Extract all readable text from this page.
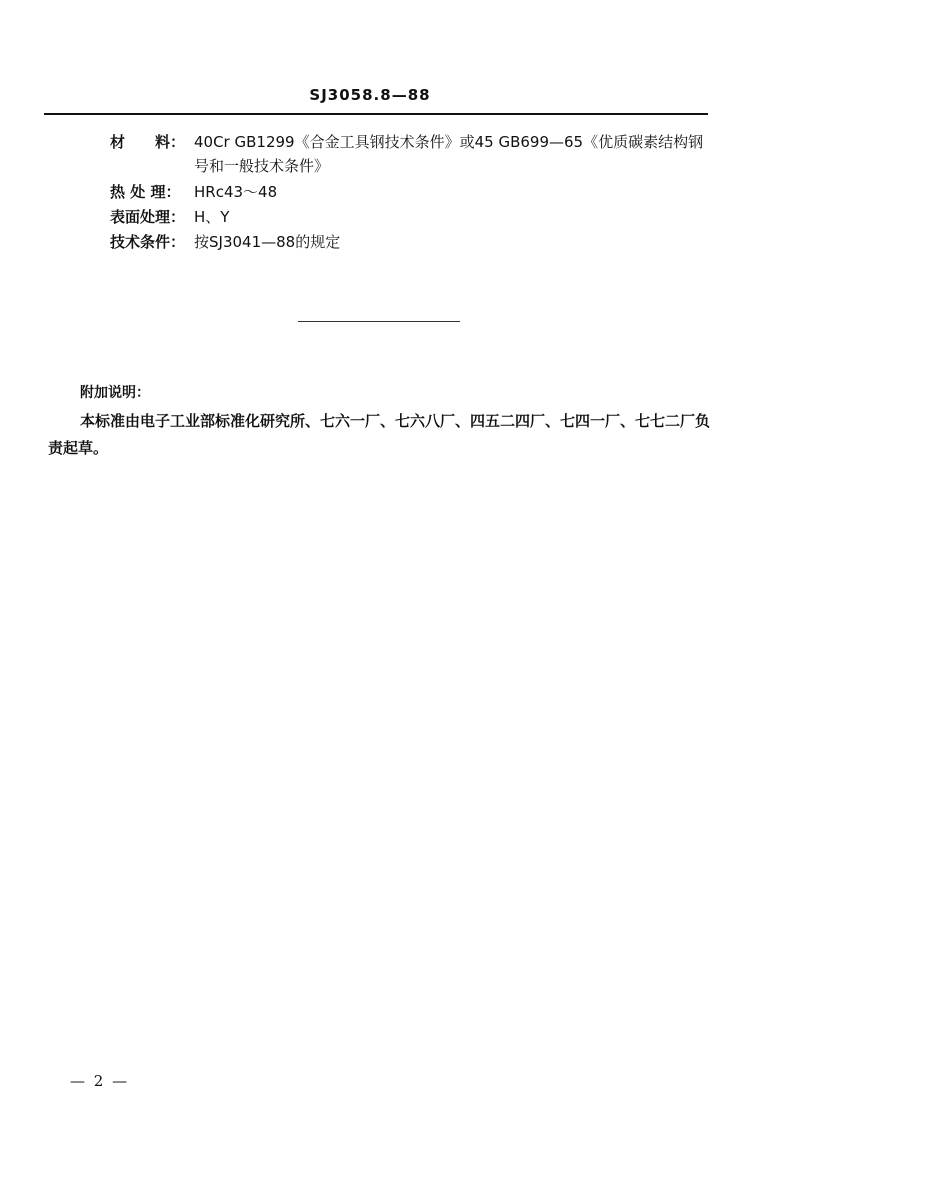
SJ3058.8—88
材　　料： 40Cr GB1299《合金工具钢技术条件》或45 GB699—65《优质碳素结构钢号和一般技术条件》
热 处 理： HRc43～48
表面处理： H、Y
技术条件： 按SJ3041—88的规定
附加说明：
本标准由电子工业部标准化研究所、七六一厂、七六八厂、四五二四厂、七四一厂、七七二厂负责起草。
— 2 —
